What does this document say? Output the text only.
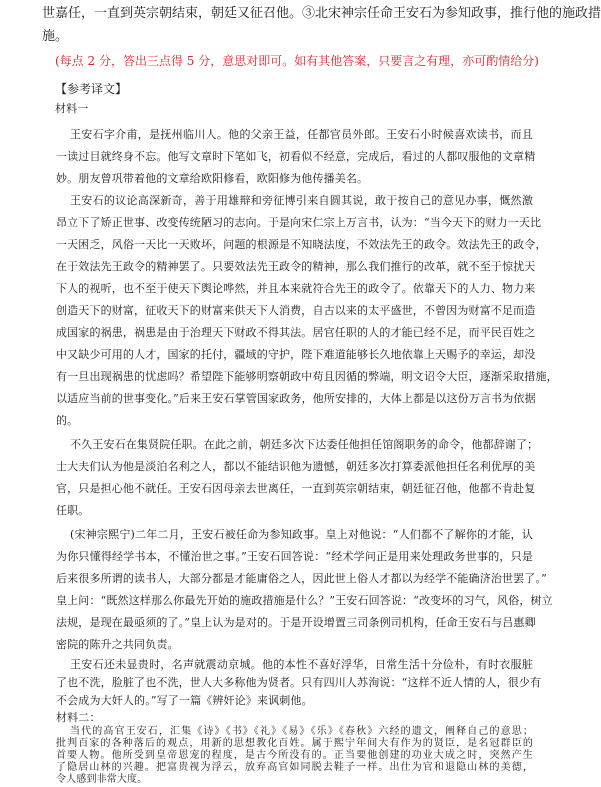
世嘉任，一直到英宗朝结束，朝廷又征召他。③北宋神宗任命王安石为参知政事，推行他的施政措
施。
(每点 2 分，答出三点得 5 分，意思对即可。如有其他答案，只要言之有理，亦可酌情给分)
【参考译文】
材料一
王安石字介甫，是抚州临川人。他的父亲王益，任都官员外郎。王安石小时候喜欢读书，而且
一读过目就终身不忘。他写文章时下笔如飞，初看似不经意，完成后，看过的人都叹服他的文章精
妙。朋友曾巩带着他的文章给欧阳修看，欧阳修为他传播美名。
王安石的议论高深新奇，善于用雄辩和旁征博引来自圆其说，敢于按自己的意见办事，慨然激
昂立下了矫正世事、改变传统陋习的志向。于是向宋仁宗上万言书，认为：“当今天下的财力一天比
一天困乏，风俗一天比一天败坏，问题的根源是不知晓法度，不效法先王的政令。效法先王的政令，
在于效法先王政令的精神罢了。只要效法先王政令的精神，那么我们推行的改革，就不至于惊扰天
下人的视听，也不至于使天下舆论哗然，并且本来就符合先王的政令了。依靠天下的人力、物力来
创造天下的财富，征收天下的财富来供天下人消费，自古以来的太平盛世，不曾因为财富不足而造
成国家的祸患，祸患是由于治理天下财政不得其法。居官任职的人的才能已经不足，而平民百姓之
中又缺少可用的人才，国家的托付，疆域的守护，陛下难道能够长久地依靠上天赐予的幸运，却没
有一旦出现祸患的忧虑吗？希望陛下能够明察朝政中苟且因循的弊端，明文诏令大臣，逐渐采取措施，
以适应当前的世事变化。”后来王安石掌管国家政务，他所安排的，大体上都是以这份万言书为依据
的。
不久王安石在集贤院任职。在此之前，朝廷多次下达委任他担任馆阁职务的命令，他都辞谢了；
士大夫们认为他是淡泊名利之人，都以不能结识他为遗憾，朝廷多次打算委派他担任名利优厚的美
官，只是担心他不就任。王安石因母亲去世离任，一直到英宗朝结束，朝廷征召他，他都不肯赴复
任职。
(宋神宗熙宁)二年二月，王安石被任命为参知政事。皇上对他说：“人们都不了解你的才能，认
为你只懂得经学书本，不懂治世之事。”王安石回答说：“经术学问正是用来处理政务世事的，只是
后来很多所谓的读书人，大部分都是才能庸俗之人，因此世上俗人才都以为经学不能确济治世罢了。”
皇上问：“既然这样那么你最先开始的施政措施是什么？”王安石回答说：“改变坏的习气，风俗，树立
法规，是现在最亟须的了。”皇上认为是对的。于是开设增置三司条例司机构，任命王安石与吕惠卿
密院的陈升之共同负责。
王安石还未显贵时，名声就震动京城。他的本性不喜好浮华，日常生活十分俭朴，有时衣服脏
了也不洗，脸脏了也不洗，世人大多称他为贤者。只有四川人苏洵说：“这样不近人情的人，很少有
不会成为大奸人的。”写了一篇《辨奸论》来讽刺他。
材料二：
当代的高官王安石，汇集《诗》《书》《礼》《易》《乐》《春秋》六经的遗文，阐释自己的意思；
批判百家的各种落后的观点，用新的思想教化百姓。属于熙宁年间大有作为的贤臣，是名冠群臣的
首要人物。他所受到皇帝恩宠的程度，是古今所没有的。正当要他创建的功业大成之时，突然产生
了隐居山林的兴趣。把富贵视为浮云，放弃高官如同脱去鞋子一样。出仕为官和退隐山林的美德，
令人感到非常大度。
